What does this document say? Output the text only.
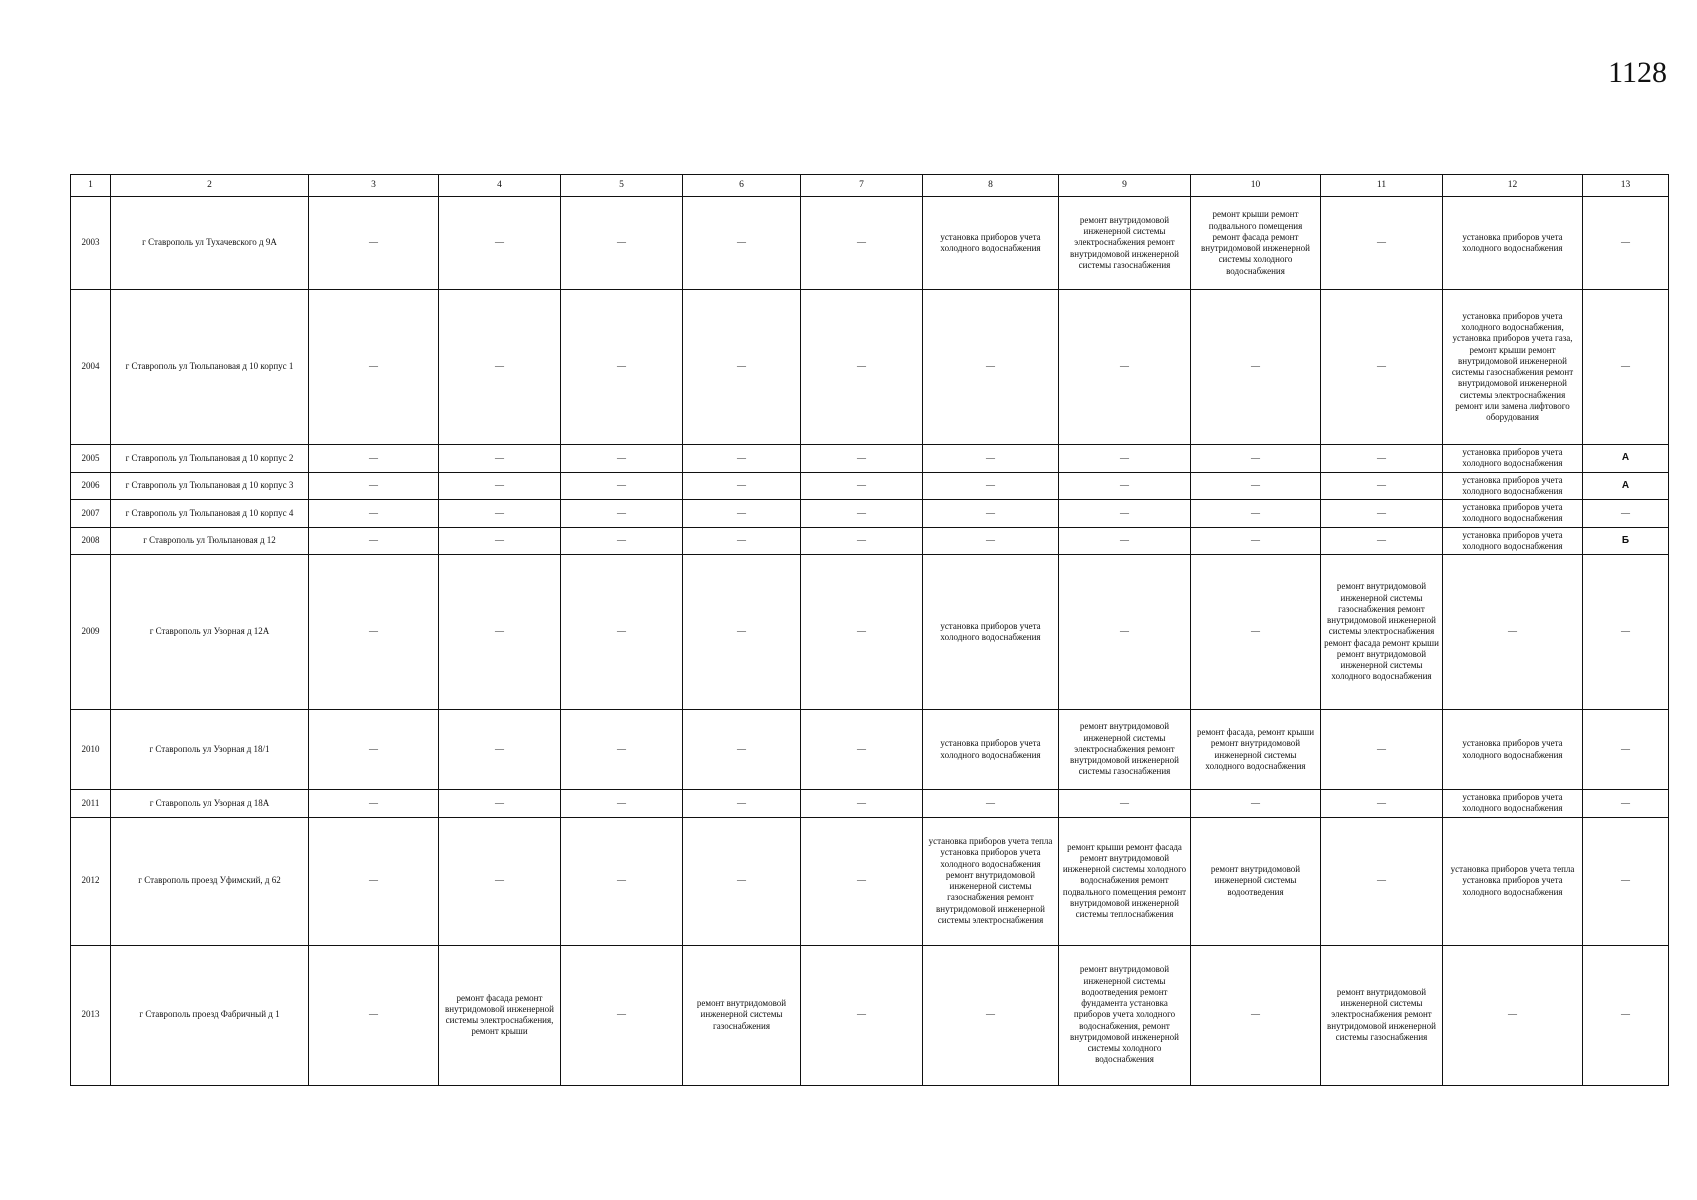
1128
1	2	3	4	5	6	7	8	9	10	11	12	13
2003	г Ставрополь ул Тухачевского д 9А	—	—	—	—	—	установка приборов учета холодного водоснабжения	ремонт внутридомовой инженерной системы электроснабжения ремонт внутридомовой инженерной системы газоснабжения	ремонт крыши ремонт подвального помещения ремонт фасада ремонт внутридомовой инженерной системы холодного водоснабжения	—	установка приборов учета холодного водоснабжения	—
2004	г Ставрополь ул Тюльпановая д 10 корпус 1	—	—	—	—	—	—	—	—	—	установка приборов учета холодного водоснабжения, установка приборов учета газа, ремонт крыши ремонт внутридомовой инженерной системы газоснабжения ремонт внутридомовой инженерной системы электроснабжения ремонт или замена лифтового оборудования	—
2005	г Ставрополь ул Тюльпановая д 10 корпус 2	—	—	—	—	—	—	—	—	—	установка приборов учета холодного водоснабжения	А
2006	г Ставрополь ул Тюльпановая д 10 корпус 3	—	—	—	—	—	—	—	—	—	установка приборов учета холодного водоснабжения	А
2007	г Ставрополь ул Тюльпановая д 10 корпус 4	—	—	—	—	—	—	—	—	—	установка приборов учета холодного водоснабжения	—
2008	г Ставрополь ул Тюльпановая д 12	—	—	—	—	—	—	—	—	—	установка приборов учета холодного водоснабжения	Б
2009	г Ставрополь ул Узорная д 12А	—	—	—	—	—	установка приборов учета холодного водоснабжения	—	—	ремонт внутридомовой инженерной системы газоснабжения ремонт внутридомовой инженерной системы электроснабжения ремонт фасада ремонт крыши ремонт внутридомовой инженерной системы холодного водоснабжения	—	—
2010	г Ставрополь ул Узорная д 18/1	—	—	—	—	—	установка приборов учета холодного водоснабжения	ремонт внутридомовой инженерной системы электроснабжения ремонт внутридомовой инженерной системы газоснабжения	ремонт фасада, ремонт крыши ремонт внутридомовой инженерной системы холодного водоснабжения	—	установка приборов учета холодного водоснабжения	—
2011	г Ставрополь ул Узорная д 18А	—	—	—	—	—	—	—	—	—	установка приборов учета холодного водоснабжения	—
2012	г Ставрополь проезд Уфимский, д 62	—	—	—	—	—	установка приборов учета тепла установка приборов учета холодного водоснабжения ремонт внутридомовой инженерной системы газоснабжения ремонт внутридомовой инженерной системы электроснабжения	ремонт крыши ремонт фасада ремонт внутридомовой инженерной системы холодного водоснабжения ремонт подвального помещения ремонт внутридомовой инженерной системы теплоснабжения	ремонт внутридомовой инженерной системы водоотведения	—	установка приборов учета тепла установка приборов учета холодного водоснабжения	—
2013	г Ставрополь проезд Фабричный д 1	—	ремонт фасада ремонт внутридомовой инженерной системы электроснабжения, ремонт крыши	—	ремонт внутридомовой инженерной системы газоснабжения	—	—	ремонт внутридомовой инженерной системы водоотведения ремонт фундамента установка приборов учета холодного водоснабжения, ремонт внутридомовой инженерной системы холодного водоснабжения	—	ремонт внутридомовой инженерной системы электроснабжения ремонт внутридомовой инженерной системы газоснабжения	—	—
